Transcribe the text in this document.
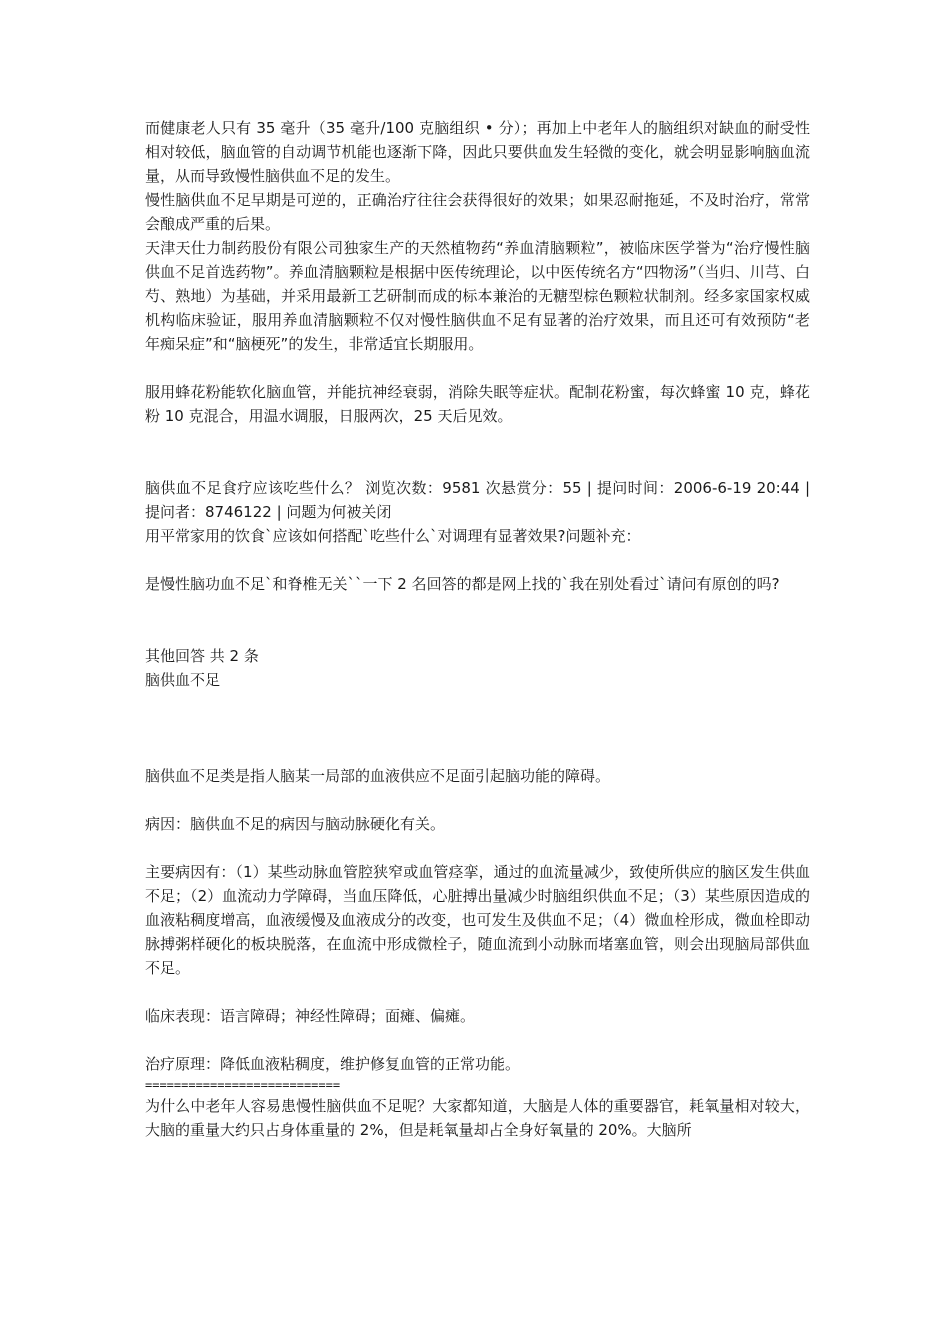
而健康老人只有 35 毫升（35 毫升/100 克脑组织 • 分）；再加上中老年人的脑组织对缺血的耐受性相对较低，脑血管的自动调节机能也逐渐下降，因此只要供血发生轻微的变化，就会明显影响脑血流量，从而导致慢性脑供血不足的发生。

慢性脑供血不足早期是可逆的，正确治疗往往会获得很好的效果；如果忍耐拖延，不及时治疗，常常会酿成严重的后果。

天津天仕力制药股份有限公司独家生产的天然植物药“养血清脑颗粒”，被临床医学誉为“治疗慢性脑供血不足首选药物”。养血清脑颗粒是根据中医传统理论，以中医传统名方“四物汤”（当归、川芎、白芍、熟地）为基础，并采用最新工艺研制而成的标本兼治的无糖型棕色颗粒状制剂。经多家国家权威机构临床验证，服用养血清脑颗粒不仅对慢性脑供血不足有显著的治疗效果，而且还可有效预防“老年痴呆症”和“脑梗死”的发生，非常适宜长期服用。

服用蜂花粉能软化脑血管，并能抗神经衰弱，消除失眠等症状。配制花粉蜜，每次蜂蜜 10 克，蜂花粉 10 克混合，用温水调服，日服两次，25 天后见效。

脑供血不足食疗应该吃些什么？ 浏览次数：9581 次悬赏分：55 | 提问时间：2006-6-19 20:44 | 提问者：8746122 | 问题为何被关闭

用平常家用的饮食`应该如何搭配`吃些什么`对调理有显著效果?问题补充：

是慢性脑功血不足`和脊椎无关``一下 2 名回答的都是网上找的`我在别处看过`请问有原创的吗?

其他回答 共 2 条

脑供血不足

脑供血不足类是指人脑某一局部的血液供应不足面引起脑功能的障碍。

病因：脑供血不足的病因与脑动脉硬化有关。

主要病因有：（1）某些动脉血管腔狭窄或血管痉挛，通过的血流量减少，致使所供应的脑区发生供血不足；（2）血流动力学障碍，当血压降低，心脏搏出量减少时脑组织供血不足；（3）某些原因造成的血液粘稠度增高，血液缓慢及血液成分的改变，也可发生及供血不足；（4）微血栓形成，微血栓即动脉搏粥样硬化的板块脱落，在血流中形成微栓子，随血流到小动脉而堵塞血管，则会出现脑局部供血不足。

临床表现：语言障碍；神经性障碍；面瘫、偏瘫。

治疗原理：降低血液粘稠度，维护修复血管的正常功能。

===========================

为什么中老年人容易患慢性脑供血不足呢？大家都知道，大脑是人体的重要器官，耗氧量相对较大，大脑的重量大约只占身体重量的 2%，但是耗氧量却占全身好氧量的 20%。大脑所
